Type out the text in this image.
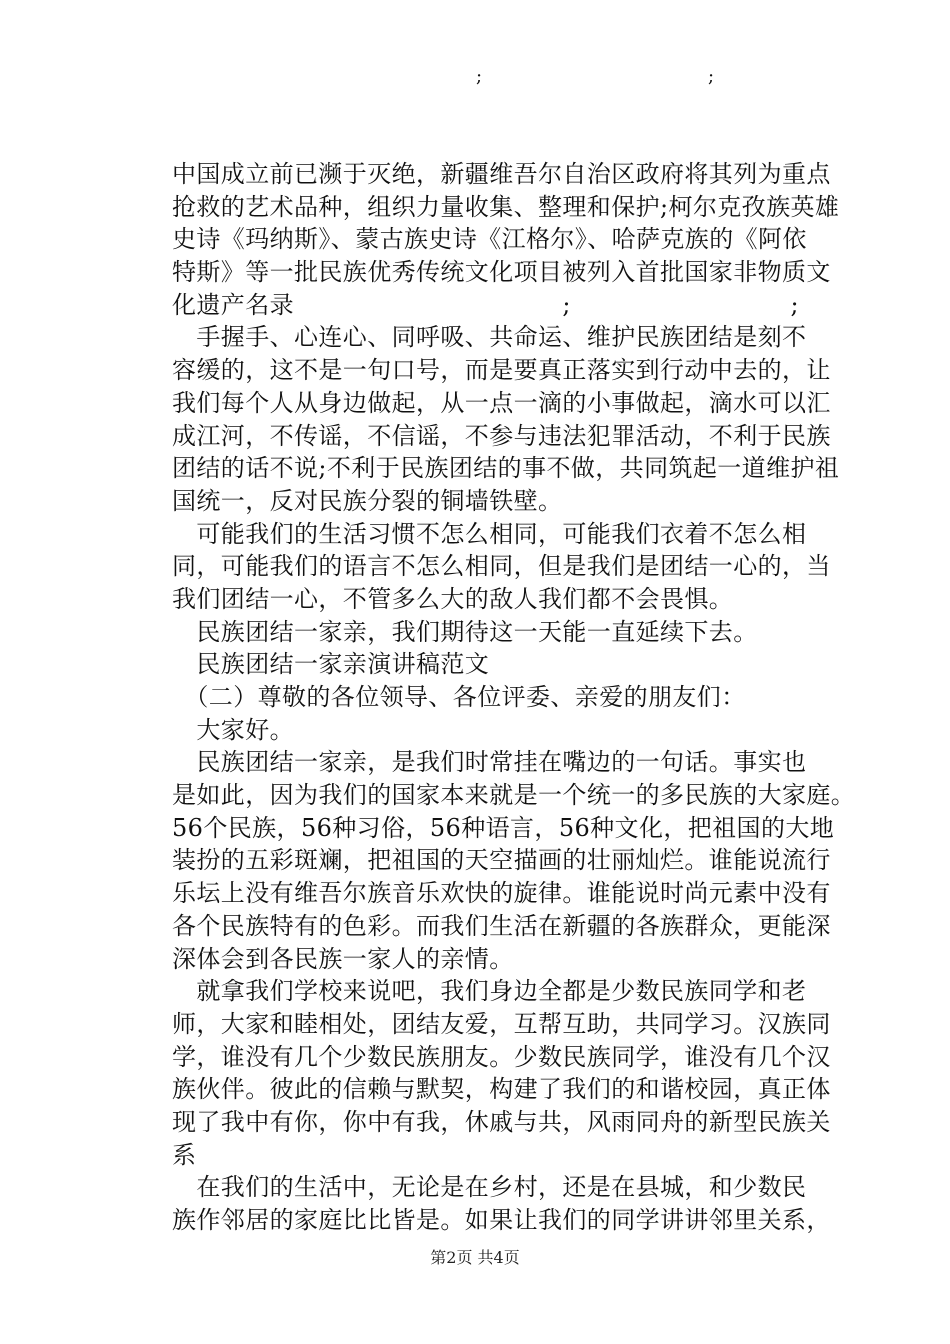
;	;
中国成立前已濒于灭绝，新疆维吾尔自治区政府将其列为重点
抢救的艺术品种，组织力量收集、整理和保护;柯尔克孜族英雄
史诗《玛纳斯》、蒙古族史诗《江格尔》、哈萨克族的《阿依
特斯》等一批民族优秀传统文化项目被列入首批国家非物质文
化遗产名录　　　　　　　　　　　;　　　　　　　　　;
　手握手、心连心、同呼吸、共命运、维护民族团结是刻不
容缓的，这不是一句口号，而是要真正落实到行动中去的，让
我们每个人从身边做起，从一点一滴的小事做起，滴水可以汇
成江河，不传谣，不信谣，不参与违法犯罪活动，不利于民族
团结的话不说;不利于民族团结的事不做，共同筑起一道维护祖
国统一，反对民族分裂的铜墙铁壁。
　可能我们的生活习惯不怎么相同，可能我们衣着不怎么相
同，可能我们的语言不怎么相同，但是我们是团结一心的，当
我们团结一心，不管多么大的敌人我们都不会畏惧。
　民族团结一家亲，我们期待这一天能一直延续下去。
　民族团结一家亲演讲稿范文
　（二）尊敬的各位领导、各位评委、亲爱的朋友们：
　大家好。
　民族团结一家亲，是我们时常挂在嘴边的一句话。事实也
是如此，因为我们的国家本来就是一个统一的多民族的大家庭。
56个民族，56种习俗，56种语言，56种文化，把祖国的大地
装扮的五彩斑斓，把祖国的天空描画的壮丽灿烂。谁能说流行
乐坛上没有维吾尔族音乐欢快的旋律。谁能说时尚元素中没有
各个民族特有的色彩。而我们生活在新疆的各族群众，更能深
深体会到各民族一家人的亲情。
　就拿我们学校来说吧，我们身边全都是少数民族同学和老
师，大家和睦相处，团结友爱，互帮互助，共同学习。汉族同
学，谁没有几个少数民族朋友。少数民族同学，谁没有几个汉
族伙伴。彼此的信赖与默契，构建了我们的和谐校园，真正体
现了我中有你，你中有我，休戚与共，风雨同舟的新型民族关
系
　在我们的生活中，无论是在乡村，还是在县城，和少数民
族作邻居的家庭比比皆是。如果让我们的同学讲讲邻里关系，
第2页 共4页
